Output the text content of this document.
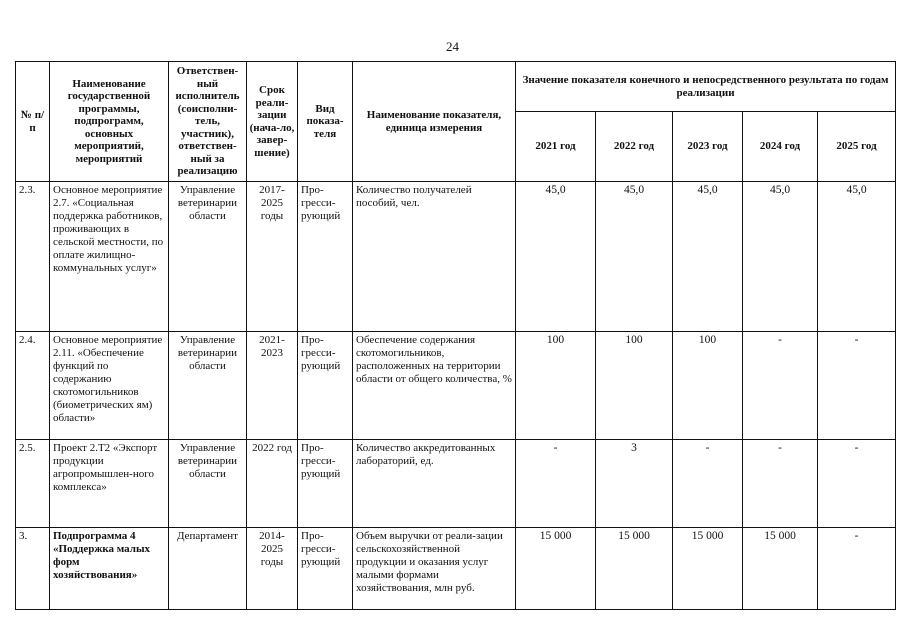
24
№ п/п	Наименование государственной программы, подпрограмм, основных мероприятий, мероприятий	Ответствен-ный исполнитель (соисполни-тель, участник), ответствен-ный за реализацию	Срок реали-зации (нача-ло, завер-шение)	Вид показа-теля	Наименование показателя, единица измерения	Значение показателя конечного и непосредственного результата по годам реализации				
						2021 год	2022 год	2023 год	2024 год	2025 год
2.3.	Основное мероприятие 2.7. «Социальная поддержка работников, проживающих в сельской местности, по оплате жилищно-коммунальных услуг»	Управление ветеринарии области	2017-2025 годы	Про-гресси-рующий	Количество получателей пособий, чел.	45,0	45,0	45,0	45,0	45,0
2.4.	Основное мероприятие 2.11. «Обеспечение функций по содержанию скотомогильников (биометрических ям) области»	Управление ветеринарии области	2021-2023	Про-гресси-рующий	Обеспечение содержания скотомогильников, расположенных на территории области от общего количества, %	100	100	100	-	-
2.5.	Проект 2.Т2 «Экспорт продукции агропромышлен-ного комплекса»	Управление ветеринарии области	2022 год	Про-гресси-рующий	Количество аккредитованных лабораторий, ед.	-	3	-	-	-
3.	Подпрограмма 4 «Поддержка малых форм хозяйствования»	Департамент	2014-2025 годы	Про-гресси-рующий	Объем выручки от реали-зации сельскохозяйственной продукции и оказания услуг малыми формами хозяйствования, млн руб.	15 000	15 000	15 000	15 000	-
